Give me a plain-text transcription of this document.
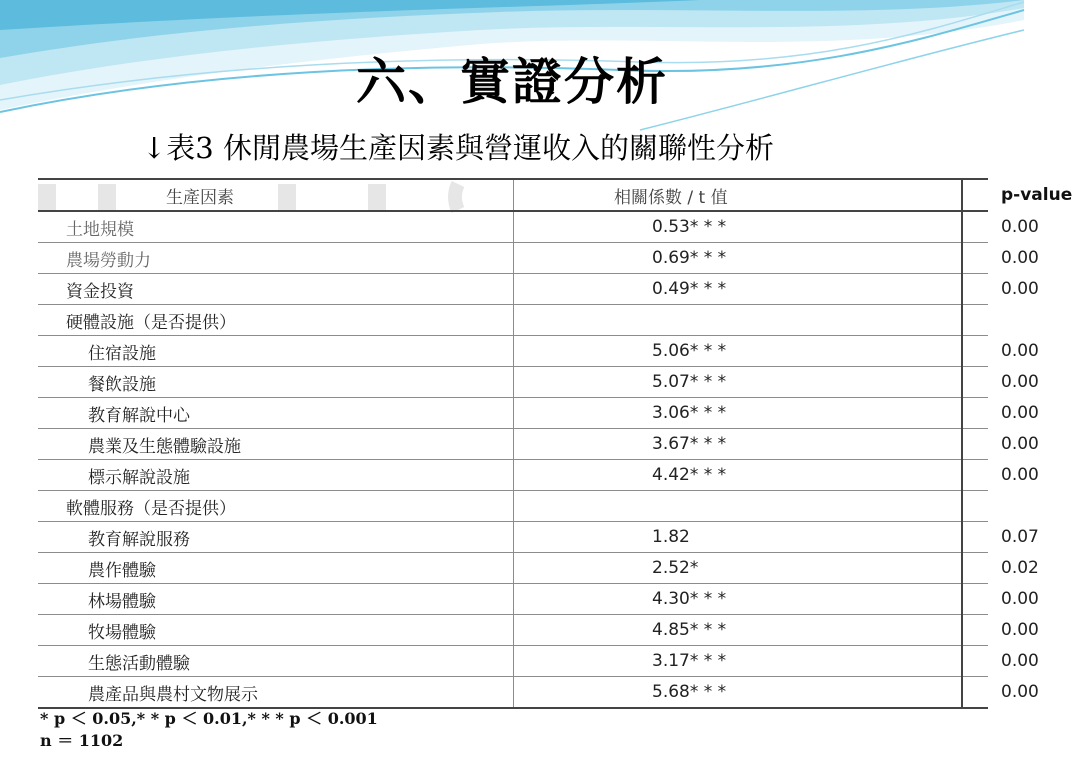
六、實證分析
↓表3 休閒農場生產因素與營運收入的關聯性分析
生產因素	相關係數 / t 值	p-value
土地規模	0.53* * *	0.00
農場勞動力	0.69* * *	0.00
資金投資	0.49* * *	0.00
硬體設施（是否提供）		
住宿設施	5.06* * *	0.00
餐飲設施	5.07* * *	0.00
教育解說中心	3.06* * *	0.00
農業及生態體驗設施	3.67* * *	0.00
標示解說設施	4.42* * *	0.00
軟體服務（是否提供）		
教育解說服務	1.82	0.07
農作體驗	2.52*	0.02
林場體驗	4.30* * *	0.00
牧場體驗	4.85* * *	0.00
生態活動體驗	3.17* * *	0.00
農產品與農村文物展示	5.68* * *	0.00
* p ＜ 0.05,* * p ＜ 0.01,* * * p ＜ 0.001
n ＝ 1102
